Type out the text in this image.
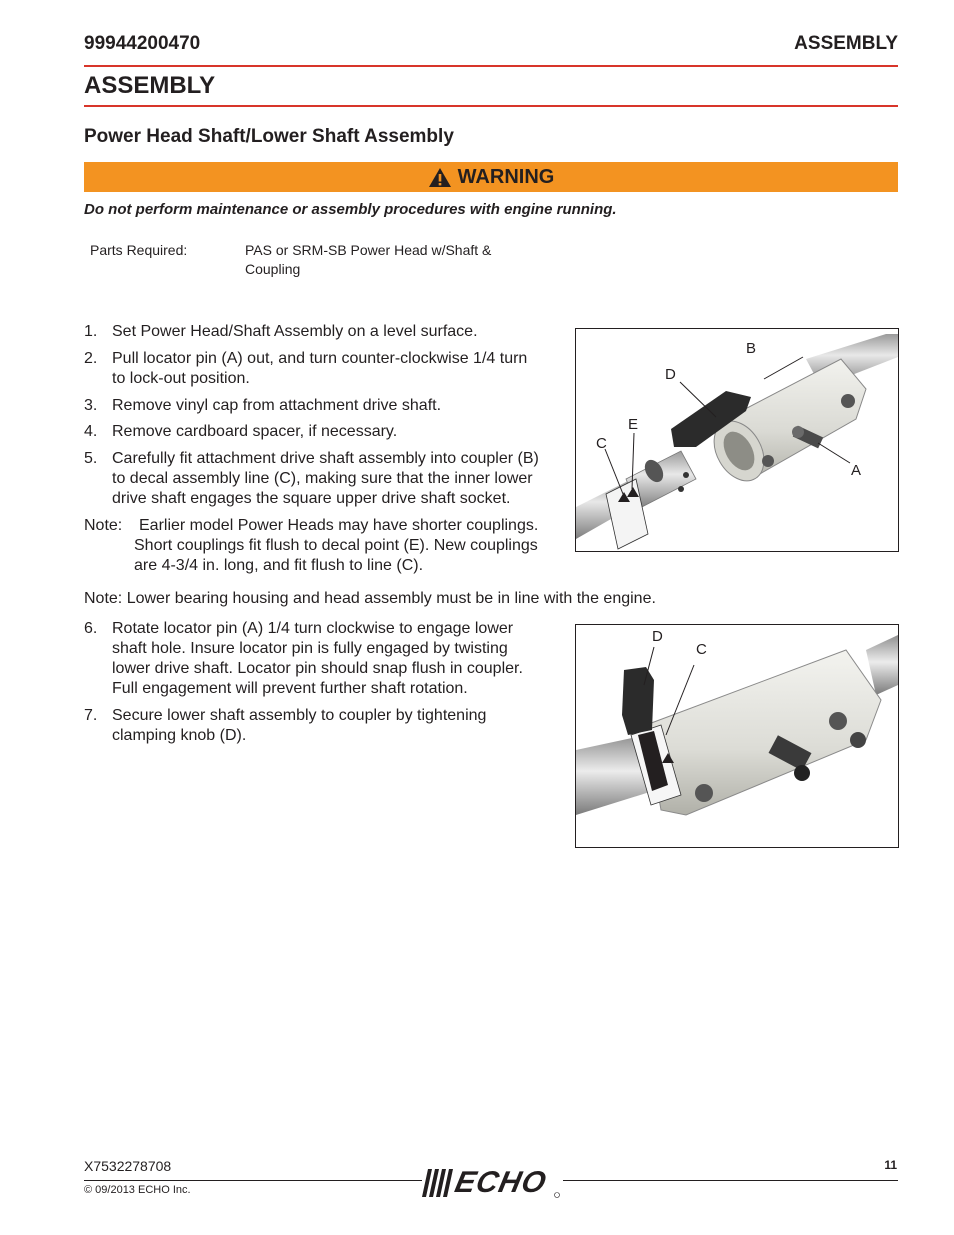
99944200470	ASSEMBLY
ASSEMBLY
Power Head Shaft/Lower Shaft Assembly
WARNING
Do not perform maintenance or assembly procedures with engine running.
Parts Required:	PAS or SRM-SB Power Head w/Shaft &
Coupling
1. Set Power Head/Shaft Assembly on a level surface.
2. Pull locator pin (A) out, and turn counter-clockwise 1/4 turn
to lock-out position.
3. Remove vinyl cap from attachment drive shaft.
4. Remove cardboard spacer, if necessary.
5. Carefully fit attachment drive shaft assembly into coupler (B)
to decal assembly line (C), making sure that the inner lower
drive shaft engages the square upper drive shaft socket.
Note: Earlier model Power Heads may have shorter couplings.
Short couplings fit flush to decal point (E). New couplings
are 4-3/4 in. long, and fit flush to line (C).
Note: Lower bearing housing and head assembly must be in line with the engine.
6. Rotate locator pin (A) 1/4 turn clockwise to engage lower
shaft hole. Insure locator pin is fully engaged by twisting
lower drive shaft. Locator pin should snap flush in coupler.
Full engagement will prevent further shaft rotation.
7. Secure lower shaft assembly to coupler by tightening
clamping knob (D).
B
D
E
C
A
D
C
X7532278708	11
ECHO
© 09/2013 ECHO Inc.
